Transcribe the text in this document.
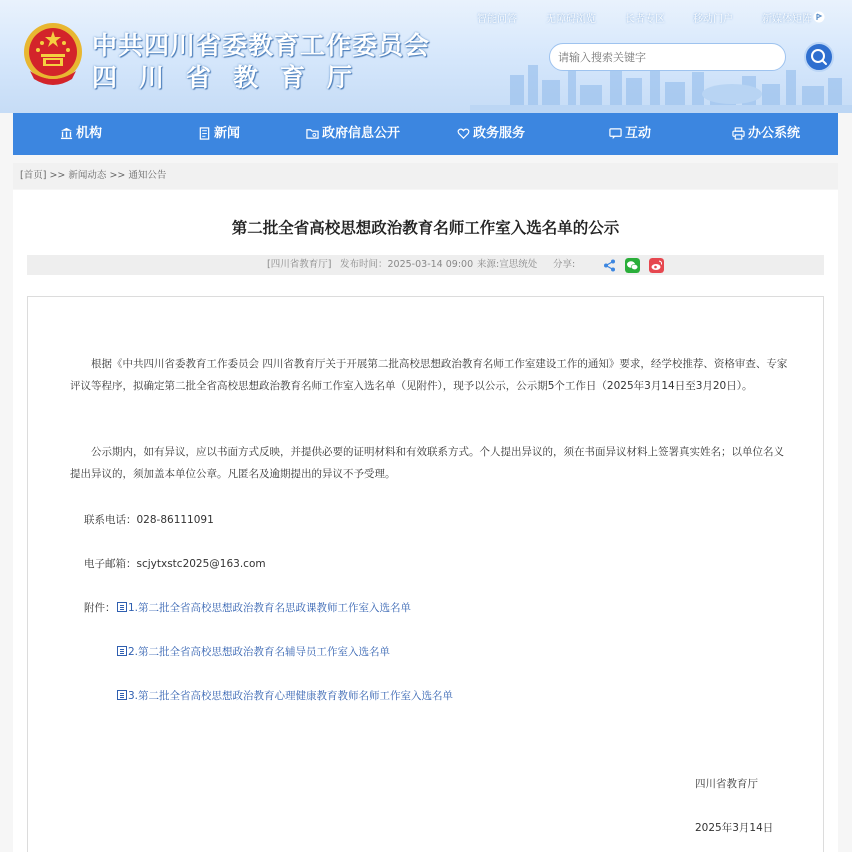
中共四川省委教育工作委员会
四川省教育厅
智能问答	无障碍浏览	长者专区	移动门户	新媒体矩阵
请输入搜索关键字
机构	新闻	政府信息公开	政务服务	互动	办公系统
[首页] >> 新闻动态 >> 通知公告
第二批全省高校思想政治教育名师工作室入选名单的公示
[四川省教育厅] 发布时间：2025-03-14 09:00 来源:宣思统处 分享:
根据《中共四川省委教育工作委员会 四川省教育厅关于开展第二批高校思想政治教育名师工作室建设工作的通知》要求，经学校推荐、资格审查、专家评议等程序，拟确定第二批全省高校思想政治教育名师工作室入选名单（见附件），现予以公示，公示期5个工作日（2025年3月14日至3月20日）。
公示期内，如有异议，应以书面方式反映，并提供必要的证明材料和有效联系方式。个人提出异议的，须在书面异议材料上签署真实姓名；以单位名义提出异议的，须加盖本单位公章。凡匿名及逾期提出的异议不予受理。
联系电话：028-86111091
电子邮箱：scjytxstc2025@163.com
附件：	1.第二批全省高校思想政治教育名思政课教师工作室入选名单
2.第二批全省高校思想政治教育名辅导员工作室入选名单
3.第二批全省高校思想政治教育心理健康教育教师名师工作室入选名单
四川省教育厅
2025年3月14日
